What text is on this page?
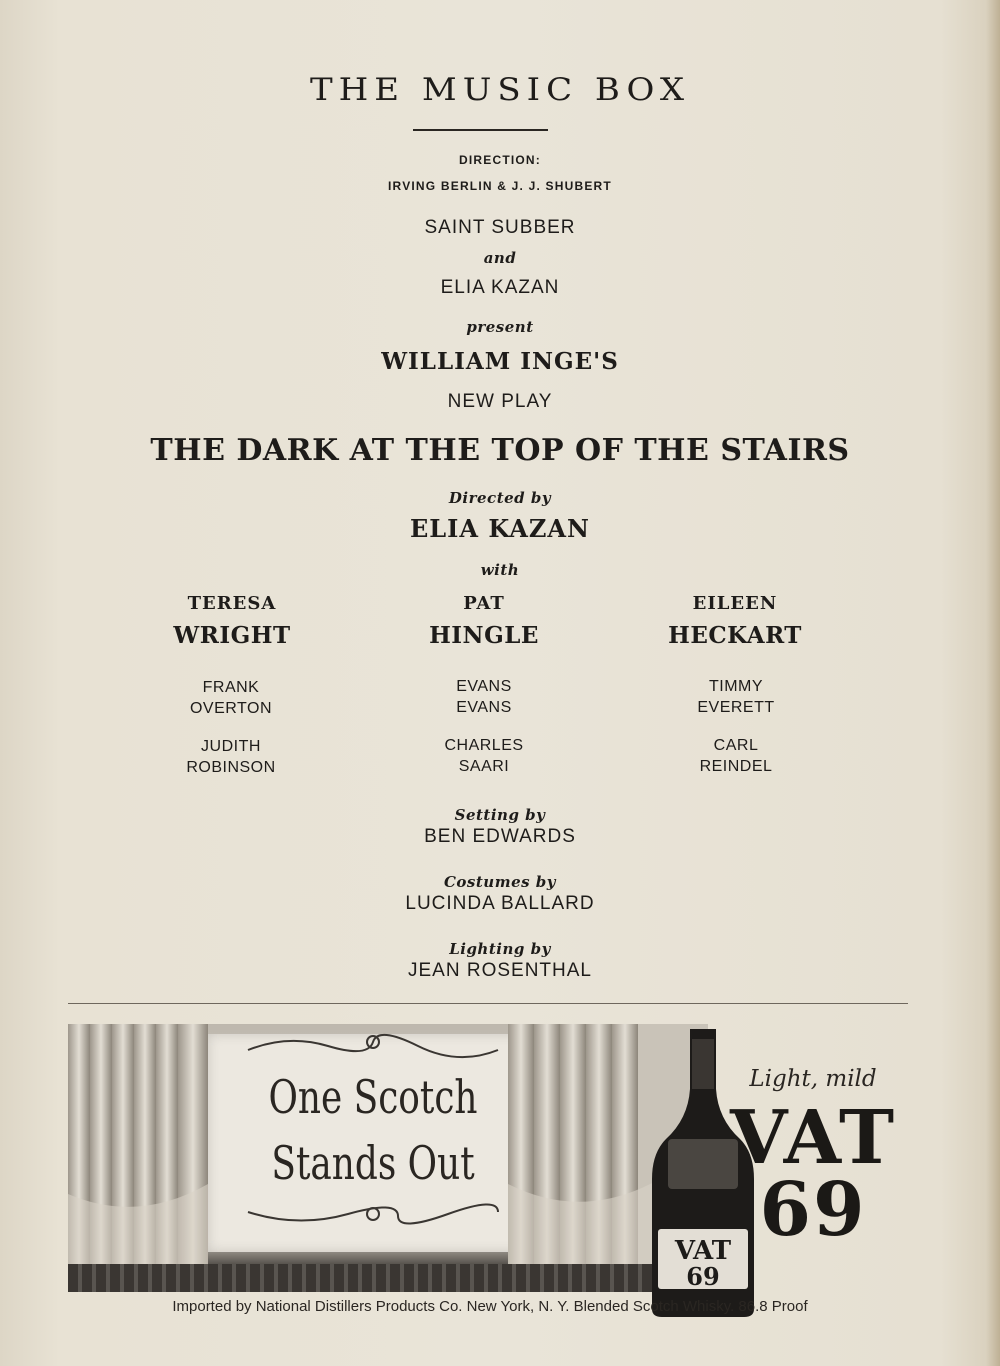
THE MUSIC BOX
DIRECTION:
IRVING BERLIN & J. J. SHUBERT
SAINT SUBBER
and
ELIA KAZAN
present
WILLIAM INGE'S
NEW PLAY
THE DARK AT THE TOP OF THE STAIRS
Directed by
ELIA KAZAN
with
TERESA
WRIGHT
PAT
HINGLE
EILEEN
HECKART
FRANK
OVERTON
JUDITH
ROBINSON
EVANS
EVANS
CHARLES
SAARI
TIMMY
EVERETT
CARL
REINDEL
Setting by
BEN EDWARDS
Costumes by
LUCINDA BALLARD
Lighting by
JEAN ROSENTHAL
One Scotch
Stands Out
VAT
69
Light, mild
VAT
69
Imported by National Distillers Products Co. New York, N. Y. Blended Scotch Whisky. 86.8 Proof
